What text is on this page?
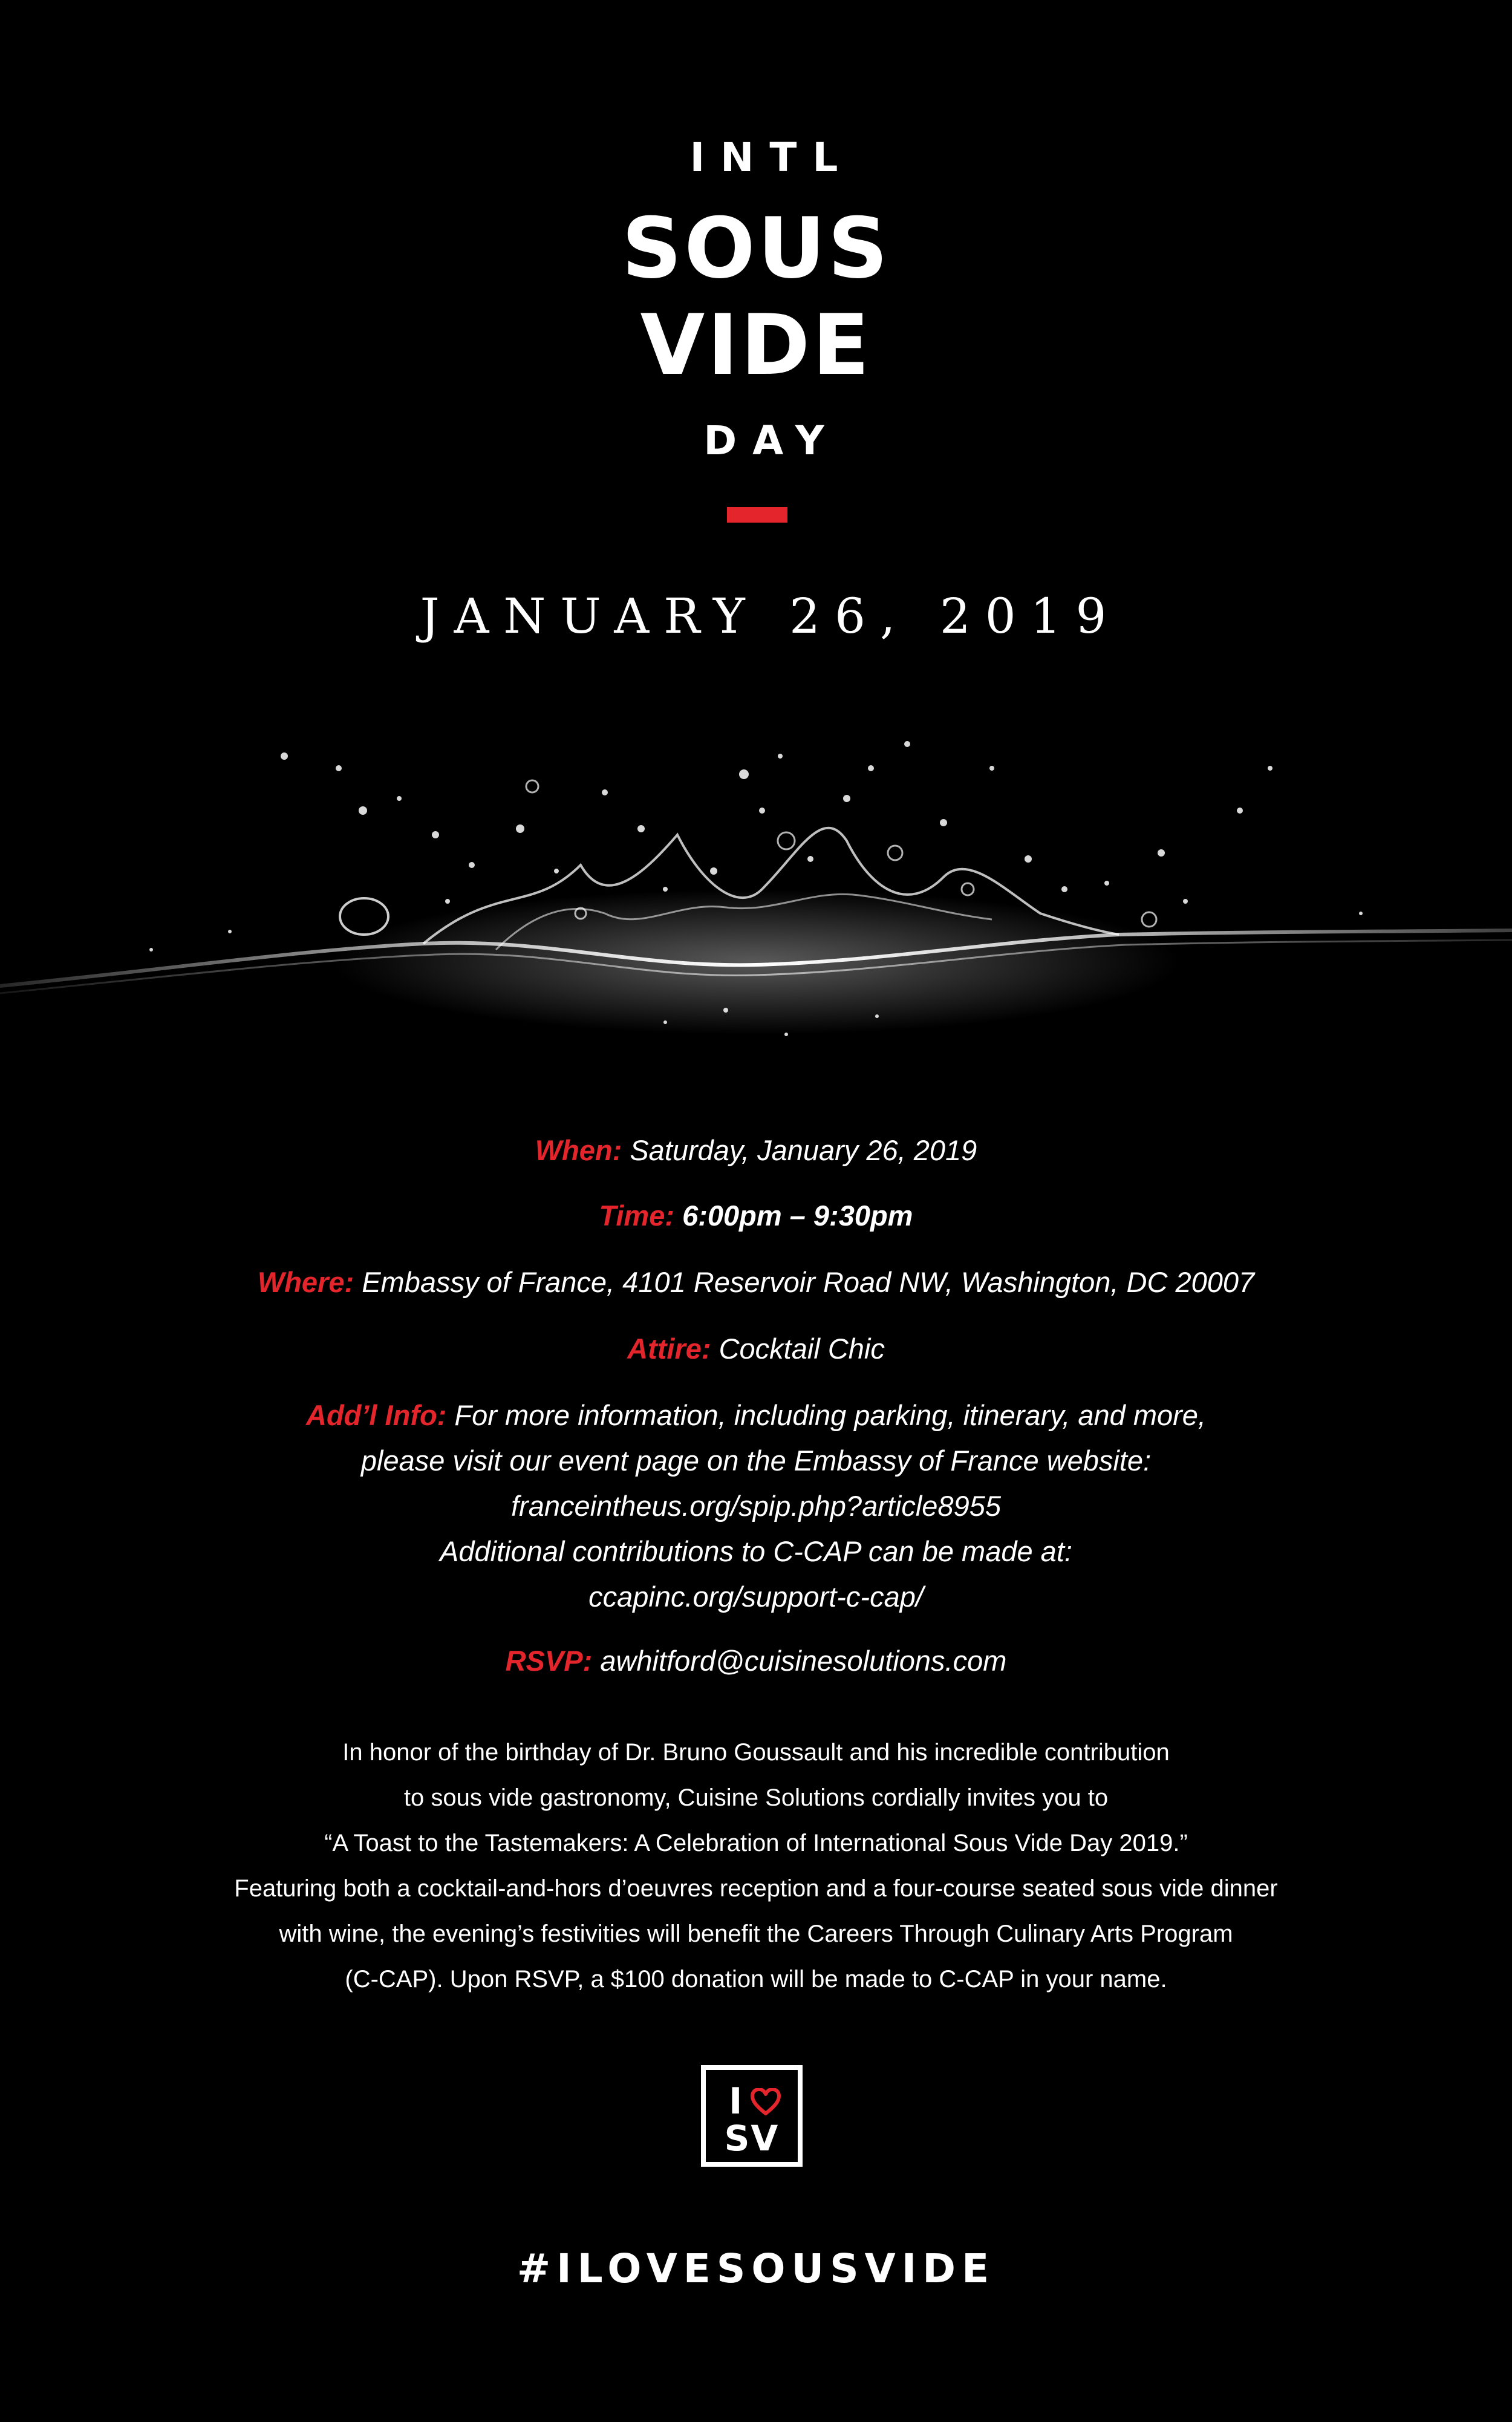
INTL
SOUS
VIDE
DAY
JANUARY 26, 2019
When: Saturday, January 26, 2019
Time: 6:00pm – 9:30pm
Where: Embassy of France, 4101 Reservoir Road NW, Washington, DC 20007
Attire: Cocktail Chic
Add’l Info: For more information, including parking, itinerary, and more,
please visit our event page on the Embassy of France website:
franceintheus.org/spip.php?article8955
Additional contributions to C-CAP can be made at:
ccapinc.org/support-c-cap/
RSVP: awhitford@cuisinesolutions.com
In honor of the birthday of Dr. Bruno Goussault and his incredible contribution
to sous vide gastronomy, Cuisine Solutions cordially invites you to
“A Toast to the Tastemakers: A Celebration of International Sous Vide Day 2019.”
Featuring both a cocktail-and-hors d’oeuvres reception and a four-course seated sous vide dinner
with wine, the evening’s festivities will benefit the Careers Through Culinary Arts Program
(C-CAP). Upon RSVP, a $100 donation will be made to C-CAP in your name.
I
SV
#ILOVESOUSVIDE
